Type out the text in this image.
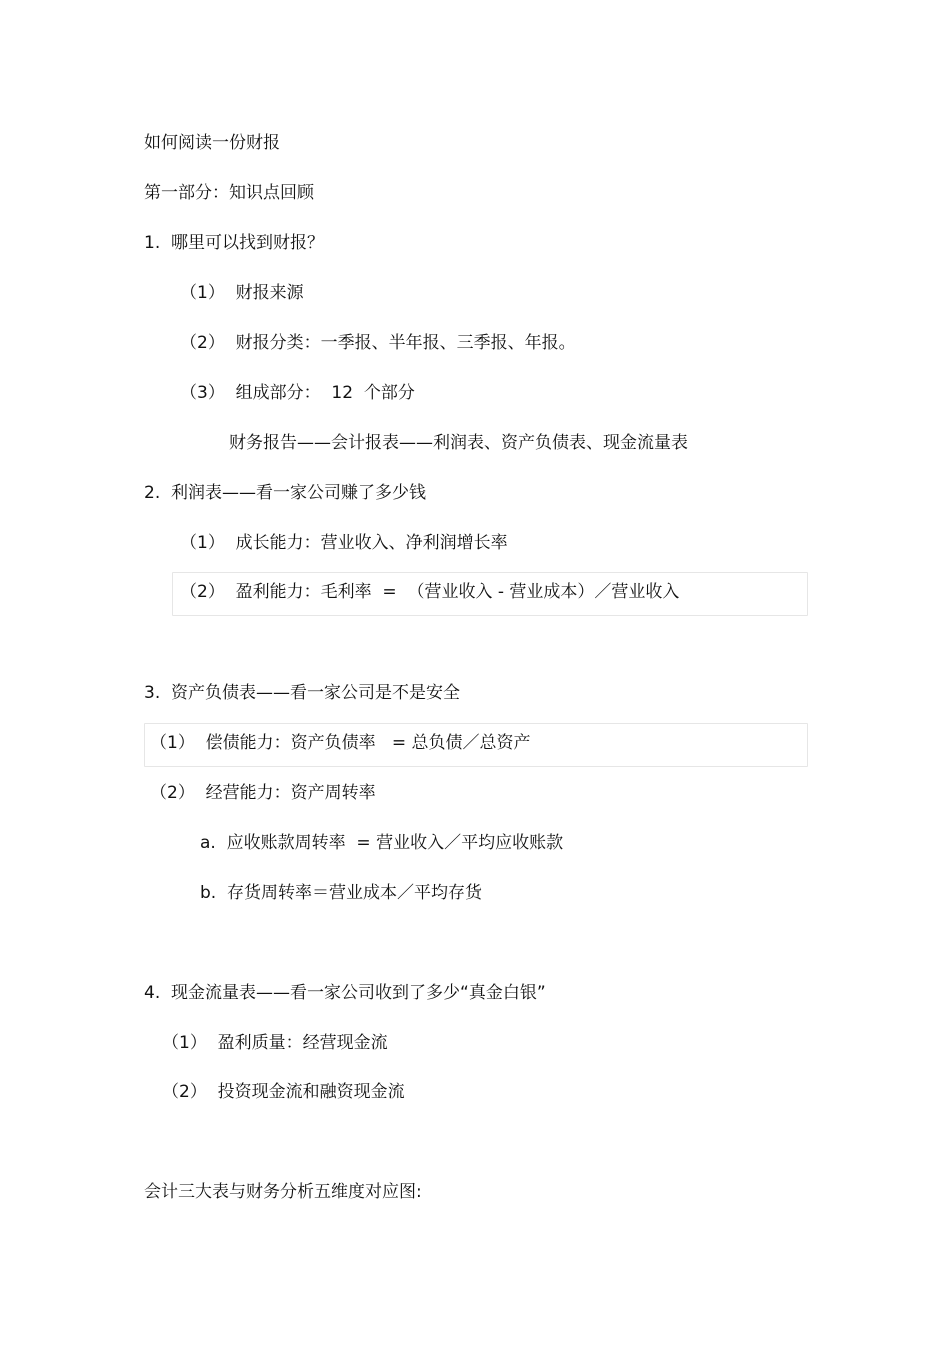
如何阅读一份财报
第一部分：知识点回顾
1.  哪里可以找到财报？
（1）  财报来源
（2）  财报分类：一季报、半年报、三季报、年报。
（3）  组成部分：  12  个部分
财务报告——会计报表——利润表、资产负债表、现金流量表
2.  利润表——看一家公司赚了多少钱
（1）  成长能力：营业收入、净利润增长率
（2）  盈利能力：毛利率  =  （营业收入 - 营业成本）／营业收入
3.  资产负债表——看一家公司是不是安全
（1）  偿债能力：资产负债率   = 总负债／总资产
（2）  经营能力：资产周转率
a.  应收账款周转率  = 营业收入／平均应收账款
b.  存货周转率＝营业成本／平均存货
4.  现金流量表——看一家公司收到了多少“真金白银”
（1）  盈利质量：经营现金流
（2）  投资现金流和融资现金流
会计三大表与财务分析五维度对应图:
